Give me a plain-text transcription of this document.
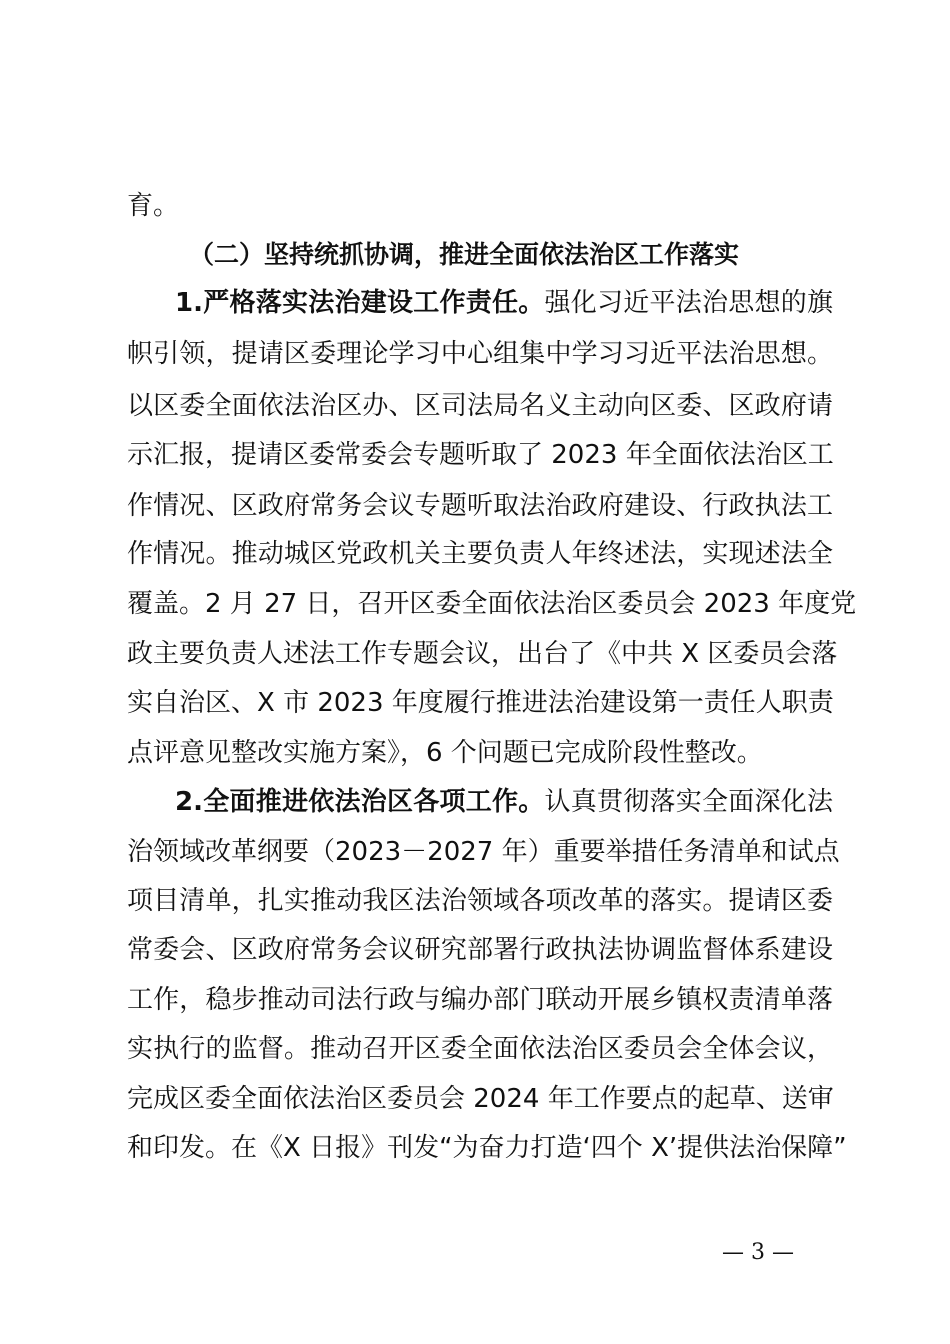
育。
（二）坚持统抓协调，推进全面依法治区工作落实
1.严格落实法治建设工作责任。强化习近平法治思想的旗
帜引领，提请区委理论学习中心组集中学习习近平法治思想。
以区委全面依法治区办、区司法局名义主动向区委、区政府请
示汇报，提请区委常委会专题听取了 2023 年全面依法治区工
作情况、区政府常务会议专题听取法治政府建设、行政执法工
作情况。推动城区党政机关主要负责人年终述法，实现述法全
覆盖。2 月 27 日，召开区委全面依法治区委员会 2023 年度党
政主要负责人述法工作专题会议，出台了《中共 X 区委员会落
实自治区、X 市 2023 年度履行推进法治建设第一责任人职责
点评意见整改实施方案》，6 个问题已完成阶段性整改。
2.全面推进依法治区各项工作。认真贯彻落实全面深化法
治领域改革纲要（2023－2027 年）重要举措任务清单和试点
项目清单，扎实推动我区法治领域各项改革的落实。提请区委
常委会、区政府常务会议研究部署行政执法协调监督体系建设
工作，稳步推动司法行政与编办部门联动开展乡镇权责清单落
实执行的监督。推动召开区委全面依法治区委员会全体会议，
完成区委全面依法治区委员会 2024 年工作要点的起草、送审
和印发。在《X 日报》刊发“为奋力打造‘四个 X’提供法治保障”
— 3 —
